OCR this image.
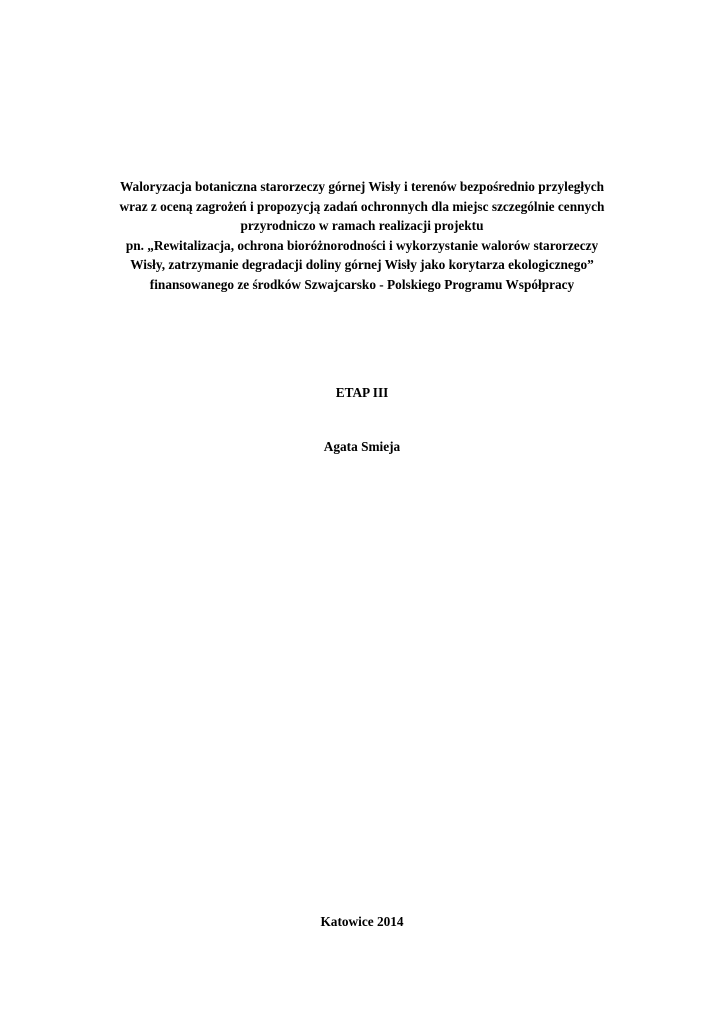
Waloryzacja botaniczna starorzeczy górnej Wisły i terenów bezpośrednio przyległych
wraz z oceną zagrożeń i propozycją zadań ochronnych dla miejsc szczególnie cennych
przyrodniczo w ramach realizacji projektu
pn. „Rewitalizacja, ochrona bioróżnorodności i wykorzystanie walorów starorzeczy
Wisły, zatrzymanie degradacji doliny górnej Wisły jako korytarza ekologicznego”
finansowanego ze środków Szwajcarsko - Polskiego Programu Współpracy
ETAP III
Agata Smieja
Katowice 2014
